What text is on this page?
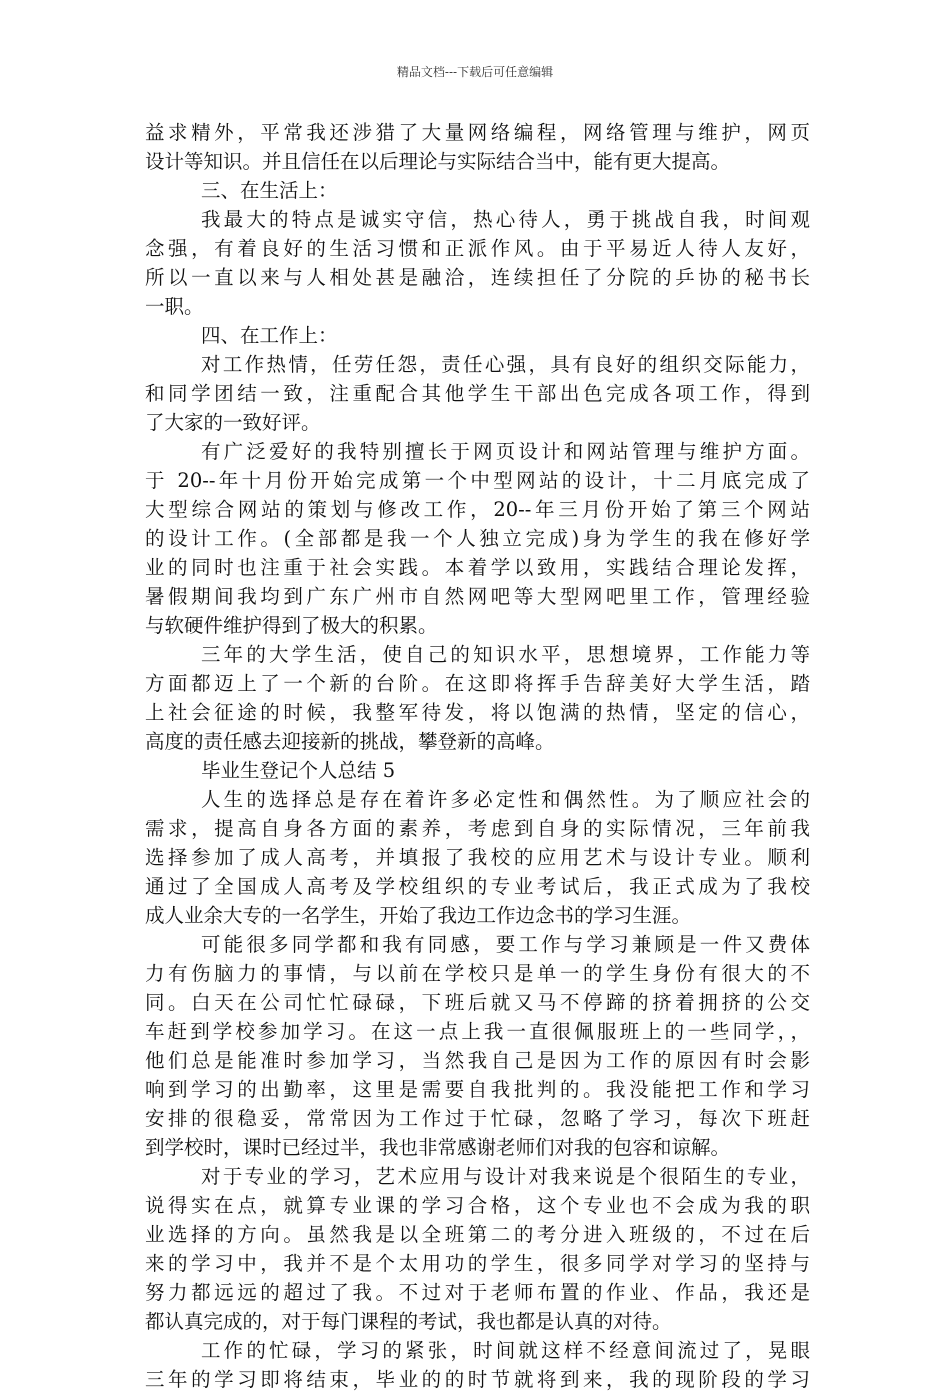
精品文档---下载后可任意编辑
益求精外，平常我还涉猎了大量网络编程，网络管理与维护，网页
设计等知识。并且信任在以后理论与实际结合当中，能有更大提高。
三、在生活上：
我最大的特点是诚实守信，热心待人，勇于挑战自我，时间观
念强，有着良好的生活习惯和正派作风。由于平易近人待人友好，
所以一直以来与人相处甚是融洽，连续担任了分院的乒协的秘书长
一职。
四、在工作上：
对工作热情，任劳任怨，责任心强，具有良好的组织交际能力，
和同学团结一致，注重配合其他学生干部出色完成各项工作，得到
了大家的一致好评。
有广泛爱好的我特别擅长于网页设计和网站管理与维护方面。
于 20--年十月份开始完成第一个中型网站的设计，十二月底完成了
大型综合网站的策划与修改工作，20--年三月份开始了第三个网站
的设计工作。(全部都是我一个人独立完成)身为学生的我在修好学
业的同时也注重于社会实践。本着学以致用，实践结合理论发挥，
暑假期间我均到广东广州市自然网吧等大型网吧里工作，管理经验
与软硬件维护得到了极大的积累。
三年的大学生活，使自己的知识水平，思想境界，工作能力等
方面都迈上了一个新的台阶。在这即将挥手告辞美好大学生活，踏
上社会征途的时候，我整军待发，将以饱满的热情，坚定的信心，
高度的责任感去迎接新的挑战，攀登新的高峰。
毕业生登记个人总结 5
人生的选择总是存在着许多必定性和偶然性。为了顺应社会的
需求，提高自身各方面的素养，考虑到自身的实际情况，三年前我
选择参加了成人高考，并填报了我校的应用艺术与设计专业。顺利
通过了全国成人高考及学校组织的专业考试后，我正式成为了我校
成人业余大专的一名学生，开始了我边工作边念书的学习生涯。
可能很多同学都和我有同感，要工作与学习兼顾是一件又费体
力有伤脑力的事情，与以前在学校只是单一的学生身份有很大的不
同。白天在公司忙忙碌碌，下班后就又马不停蹄的挤着拥挤的公交
车赶到学校参加学习。在这一点上我一直很佩服班上的一些同学，，
他们总是能准时参加学习，当然我自己是因为工作的原因有时会影
响到学习的出勤率，这里是需要自我批判的。我没能把工作和学习
安排的很稳妥，常常因为工作过于忙碌，忽略了学习，每次下班赶
到学校时，课时已经过半，我也非常感谢老师们对我的包容和谅解。
对于专业的学习，艺术应用与设计对我来说是个很陌生的专业，
说得实在点，就算专业课的学习合格，这个专业也不会成为我的职
业选择的方向。虽然我是以全班第二的考分进入班级的，不过在后
来的学习中，我并不是个太用功的学生，很多同学对学习的坚持与
努力都远远的超过了我。不过对于老师布置的作业、作品，我还是
都认真完成的，对于每门课程的考试，我也都是认真的对待。
工作的忙碌，学习的紧张，时间就这样不经意间流过了，晃眼
三年的学习即将结束，毕业的的时节就将到来，我的现阶段的学习
